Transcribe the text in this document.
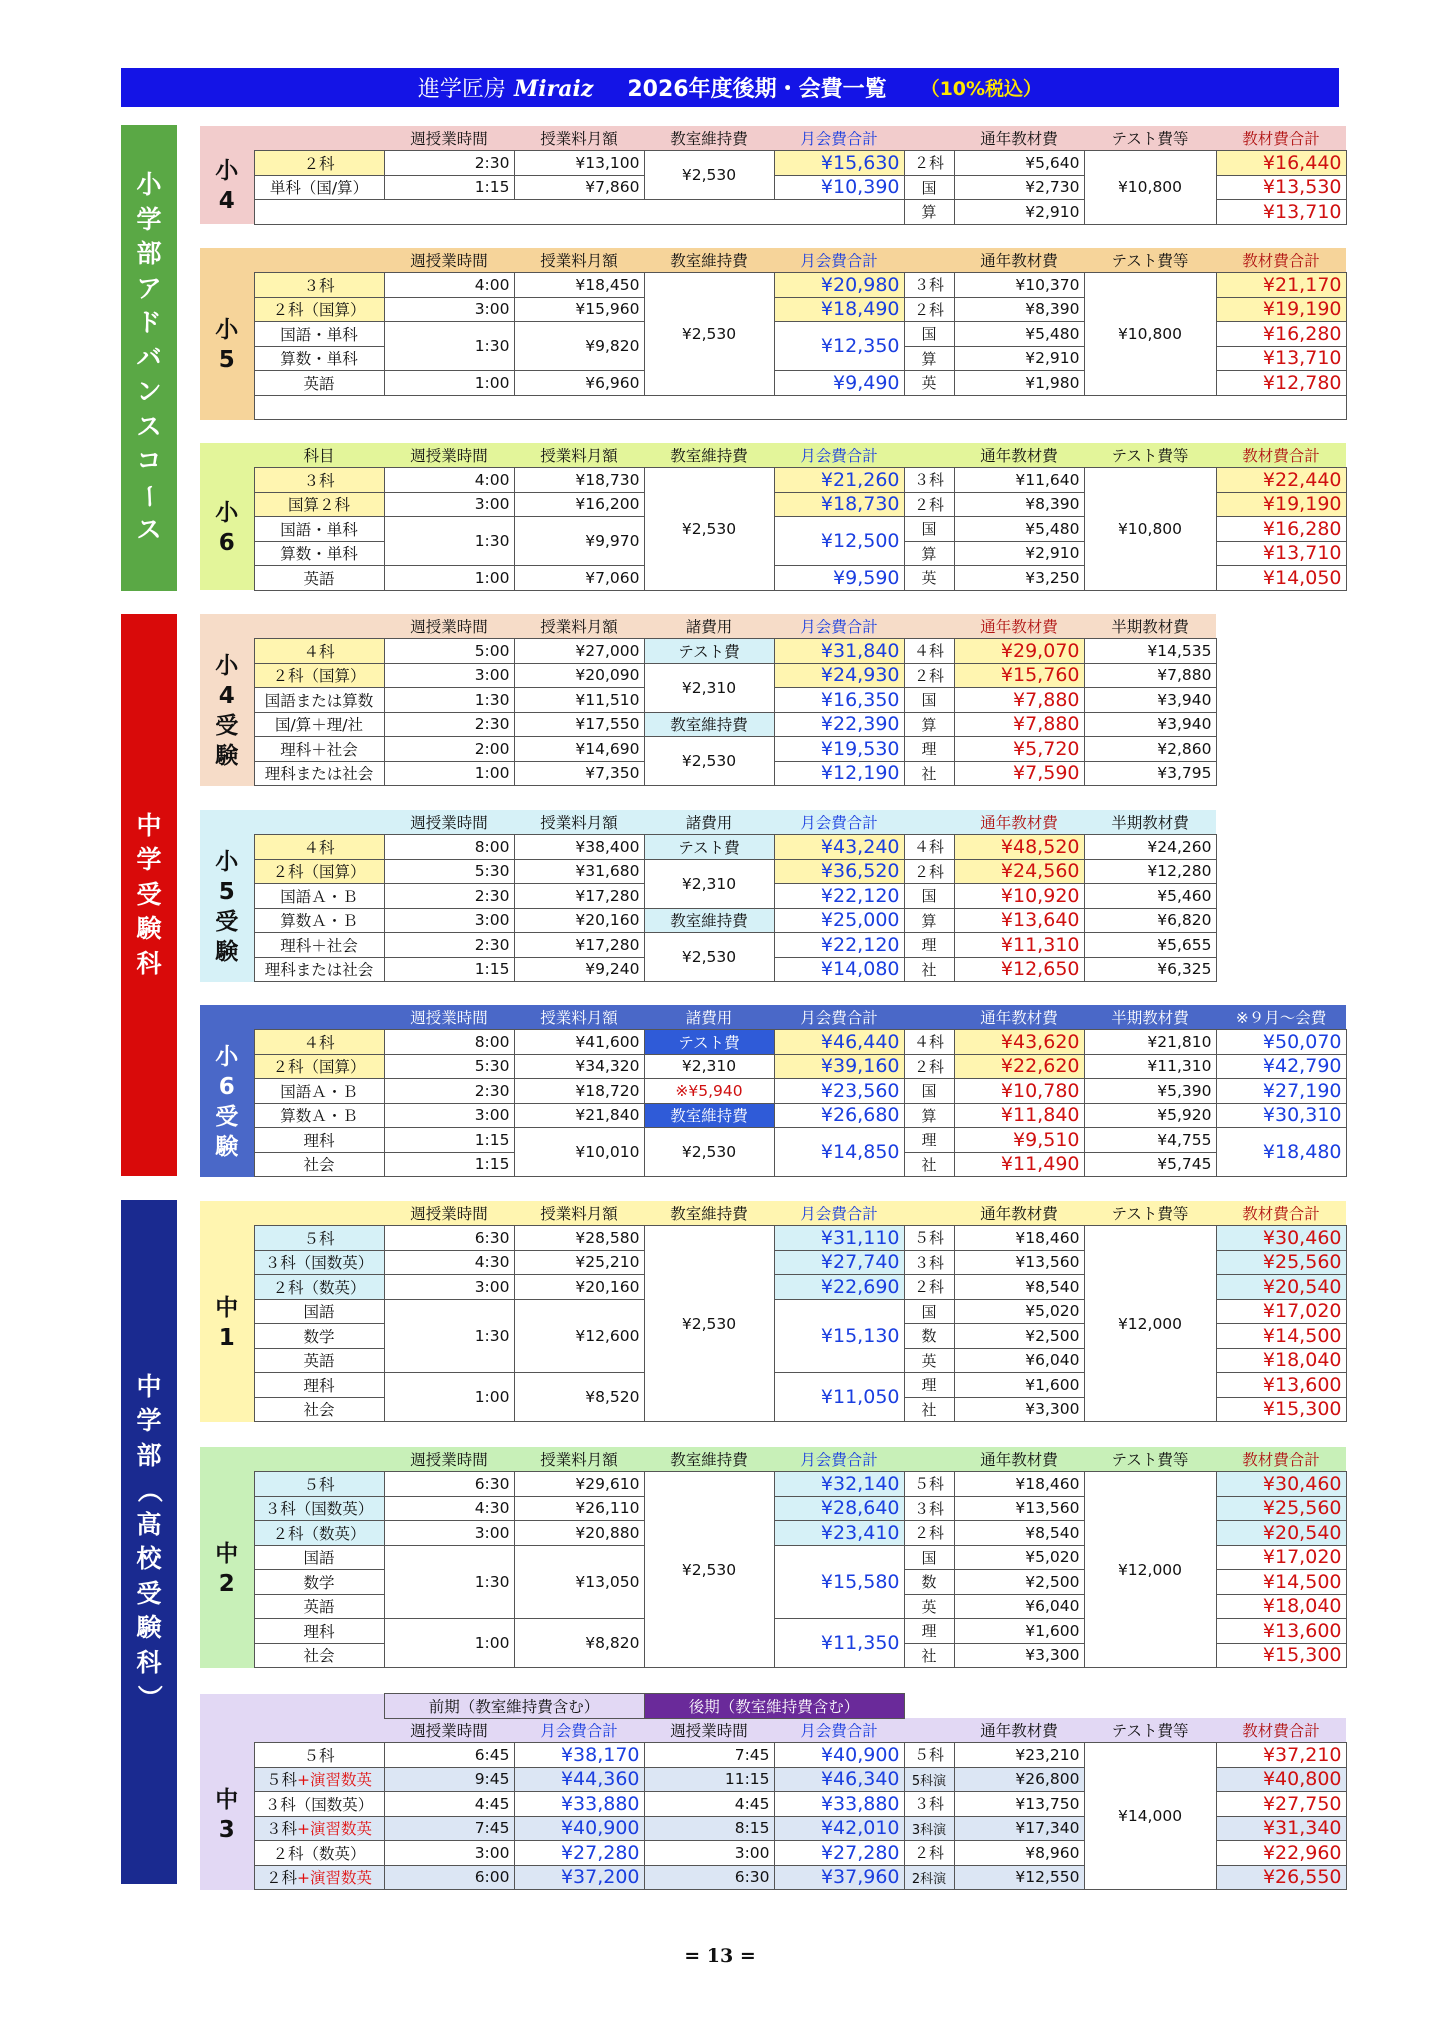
進学匠房 Miraiz 2026年度後期・会費一覧 （10%税込）
小
学
部
ア
ド
バ
ン
ス
コ
ー
ス
中
学
受
験
科
中
学
部
（
高
校
受
験
科
）
		週授業時間	授業料月額	教室維持費	月会費合計		通年教材費	テスト費等	教材費合計
小
4	２科	2:30	¥13,100	¥2,530	¥15,630	２科	¥5,640	¥10,800	¥16,440
	単科（国/算）	1:15	¥7,860		¥10,390	国	¥2,730		¥13,530
						算	¥2,910		¥13,710
		週授業時間	授業料月額	教室維持費	月会費合計		通年教材費	テスト費等	教材費合計
小
5	３科	4:00	¥18,450	¥2,530	¥20,980	３科	¥10,370	¥10,800	¥21,170
	２科（国算）	3:00	¥15,960		¥18,490	２科	¥8,390		¥19,190
	国語・単科	1:30	¥9,820		¥12,350	国	¥5,480		¥16,280
	算数・単科					算	¥2,910		¥13,710
	英語	1:00	¥6,960		¥9,490	英	¥1,980		¥12,780

	科目	週授業時間	授業料月額	教室維持費	月会費合計		通年教材費	テスト費等	教材費合計
小
6	３科	4:00	¥18,730	¥2,530	¥21,260	３科	¥11,640	¥10,800	¥22,440
	国算２科	3:00	¥16,200		¥18,730	２科	¥8,390		¥19,190
	国語・単科	1:30	¥9,970		¥12,500	国	¥5,480		¥16,280
	算数・単科					算	¥2,910		¥13,710
	英語	1:00	¥7,060		¥9,590	英	¥3,250		¥14,050
		週授業時間	授業料月額	諸費用	月会費合計		通年教材費	半期教材費
小
4
受
験	４科	5:00	¥27,000	テスト費	¥31,840	４科	¥29,070	¥14,535
	２科（国算）	3:00	¥20,090	¥2,310	¥24,930	２科	¥15,760	¥7,880
	国語または算数	1:30	¥11,510		¥16,350	国	¥7,880	¥3,940
	国/算＋理/社	2:30	¥17,550	教室維持費	¥22,390	算	¥7,880	¥3,940
	理科＋社会	2:00	¥14,690	¥2,530	¥19,530	理	¥5,720	¥2,860
	理科または社会	1:00	¥7,350		¥12,190	社	¥7,590	¥3,795
		週授業時間	授業料月額	諸費用	月会費合計		通年教材費	半期教材費
小
5
受
験	４科	8:00	¥38,400	テスト費	¥43,240	４科	¥48,520	¥24,260
	２科（国算）	5:30	¥31,680	¥2,310	¥36,520	２科	¥24,560	¥12,280
	国語Ａ・Ｂ	2:30	¥17,280		¥22,120	国	¥10,920	¥5,460
	算数Ａ・Ｂ	3:00	¥20,160	教室維持費	¥25,000	算	¥13,640	¥6,820
	理科＋社会	2:30	¥17,280	¥2,530	¥22,120	理	¥11,310	¥5,655
	理科または社会	1:15	¥9,240		¥14,080	社	¥12,650	¥6,325
		週授業時間	授業料月額	諸費用	月会費合計		通年教材費	半期教材費	※９月～会費
小
6
受
験	４科	8:00	¥41,600	テスト費	¥46,440	４科	¥43,620	¥21,810	¥50,070
	２科（国算）	5:30	¥34,320	¥2,310	¥39,160	２科	¥22,620	¥11,310	¥42,790
	国語Ａ・Ｂ	2:30	¥18,720	※¥5,940	¥23,560	国	¥10,780	¥5,390	¥27,190
	算数Ａ・Ｂ	3:00	¥21,840	教室維持費	¥26,680	算	¥11,840	¥5,920	¥30,310
	理科	1:15	¥10,010	¥2,530	¥14,850	理	¥9,510	¥4,755	¥18,480
	社会	1:15				社	¥11,490	¥5,745	
		週授業時間	授業料月額	教室維持費	月会費合計		通年教材費	テスト費等	教材費合計
中
1	５科	6:30	¥28,580	¥2,530	¥31,110	５科	¥18,460	¥12,000	¥30,460
	３科（国数英）	4:30	¥25,210		¥27,740	３科	¥13,560		¥25,560
	２科（数英）	3:00	¥20,160		¥22,690	２科	¥8,540		¥20,540
	国語	1:30	¥12,600		¥15,130	国	¥5,020		¥17,020
	数学					数	¥2,500		¥14,500
	英語					英	¥6,040		¥18,040
	理科	1:00	¥8,520		¥11,050	理	¥1,600		¥13,600
	社会					社	¥3,300		¥15,300
		週授業時間	授業料月額	教室維持費	月会費合計		通年教材費	テスト費等	教材費合計
中
2	５科	6:30	¥29,610	¥2,530	¥32,140	５科	¥18,460	¥12,000	¥30,460
	３科（国数英）	4:30	¥26,110		¥28,640	３科	¥13,560		¥25,560
	２科（数英）	3:00	¥20,880		¥23,410	２科	¥8,540		¥20,540
	国語	1:30	¥13,050		¥15,580	国	¥5,020		¥17,020
	数学					数	¥2,500		¥14,500
	英語					英	¥6,040		¥18,040
	理科	1:00	¥8,820		¥11,350	理	¥1,600		¥13,600
	社会					社	¥3,300		¥15,300
		前期（教室維持費含む）		後期（教室維持費含む）					
		週授業時間	月会費合計	週授業時間	月会費合計		通年教材費	テスト費等	教材費合計
中
3	５科	6:45	¥38,170	7:45	¥40,900	５科	¥23,210	¥14,000	¥37,210
	５科+演習数英	9:45	¥44,360	11:15	¥46,340	5科演	¥26,800		¥40,800
	３科（国数英）	4:45	¥33,880	4:45	¥33,880	３科	¥13,750		¥27,750
	３科+演習数英	7:45	¥40,900	8:15	¥42,010	3科演	¥17,340		¥31,340
	２科（数英）	3:00	¥27,280	3:00	¥27,280	２科	¥8,960		¥22,960
	２科+演習数英	6:00	¥37,200	6:30	¥37,960	2科演	¥12,550		¥26,550
= 13 =
